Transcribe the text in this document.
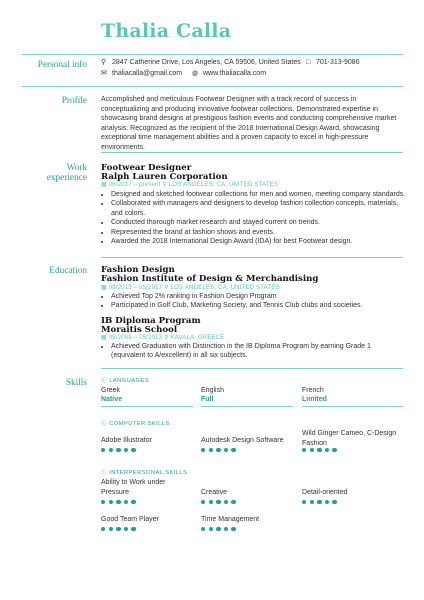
Thalia Calla
Personal info ⚲ 2847 Catherine Drive, Los Angeles, CA 59506, United States □ 701-313-9086
✉ thaliacalla@gmail.com ◍ www.thaliacalla.com
Profile Accomplished and meticulous Footwear Designer with a track record of success in conceptualizing and producing innovative footwear collections. Demonstrated expertise in showcasing brand designs at prestigious fashion events and conducting comprehensive market analysis. Recognized as the recipient of the 2018 International Design Award, showcasing exceptional time management abilities and a proven capacity to excel in high-pressure environments.
Work
experience
Footwear Designer
Ralph Lauren Corporation
▦ 06/2017 – present ⚲ LOS ANGELES, CA, UNITED STATES
• Designed and sketched footwear collections for men and women, meeting company standards.
• Collaborated with managers and designers to develop fashion collection concepts, materials, and colors.
• Conducted thorough market research and stayed current on trends.
• Represented the brand at fashion shows and events.
• Awarded the 2018 International Design Award (IDA) for best Footwear design.
Education Fashion Design
Fashion Institute of Design & Merchandising
▦ 09/2013 – 05/2017 ⚲ LOS ANGELES, CA, UNITED STATES
• Achieved Top 2% ranking in Fashion Design Program
• Participated in Golf Club, Marketing Society, and Tennis Club clubs and societies.
IB Diploma Program
Moraitis School
▦ 09/2009 – 05/2013 ⚲ KAVALA, GREECE
• Achieved Graduation with Distinction in the IB Diploma Program by earning Grade 1 (equivalent to A/excellent) in all six subjects.
Skills ⓘ LANGUAGES
Greek
Native
English
Full
French
Limited
ⓘ COMPUTER SKILLS
Adobe Illustrator	Autodesk Design Software
Wild Ginger Cameo, C-Design Fashion
ⓘ INTERPERSONAL SKILLS
Ability to Work under Pressure	Creative	Detail-oriented
Good Team Player	Time Management
